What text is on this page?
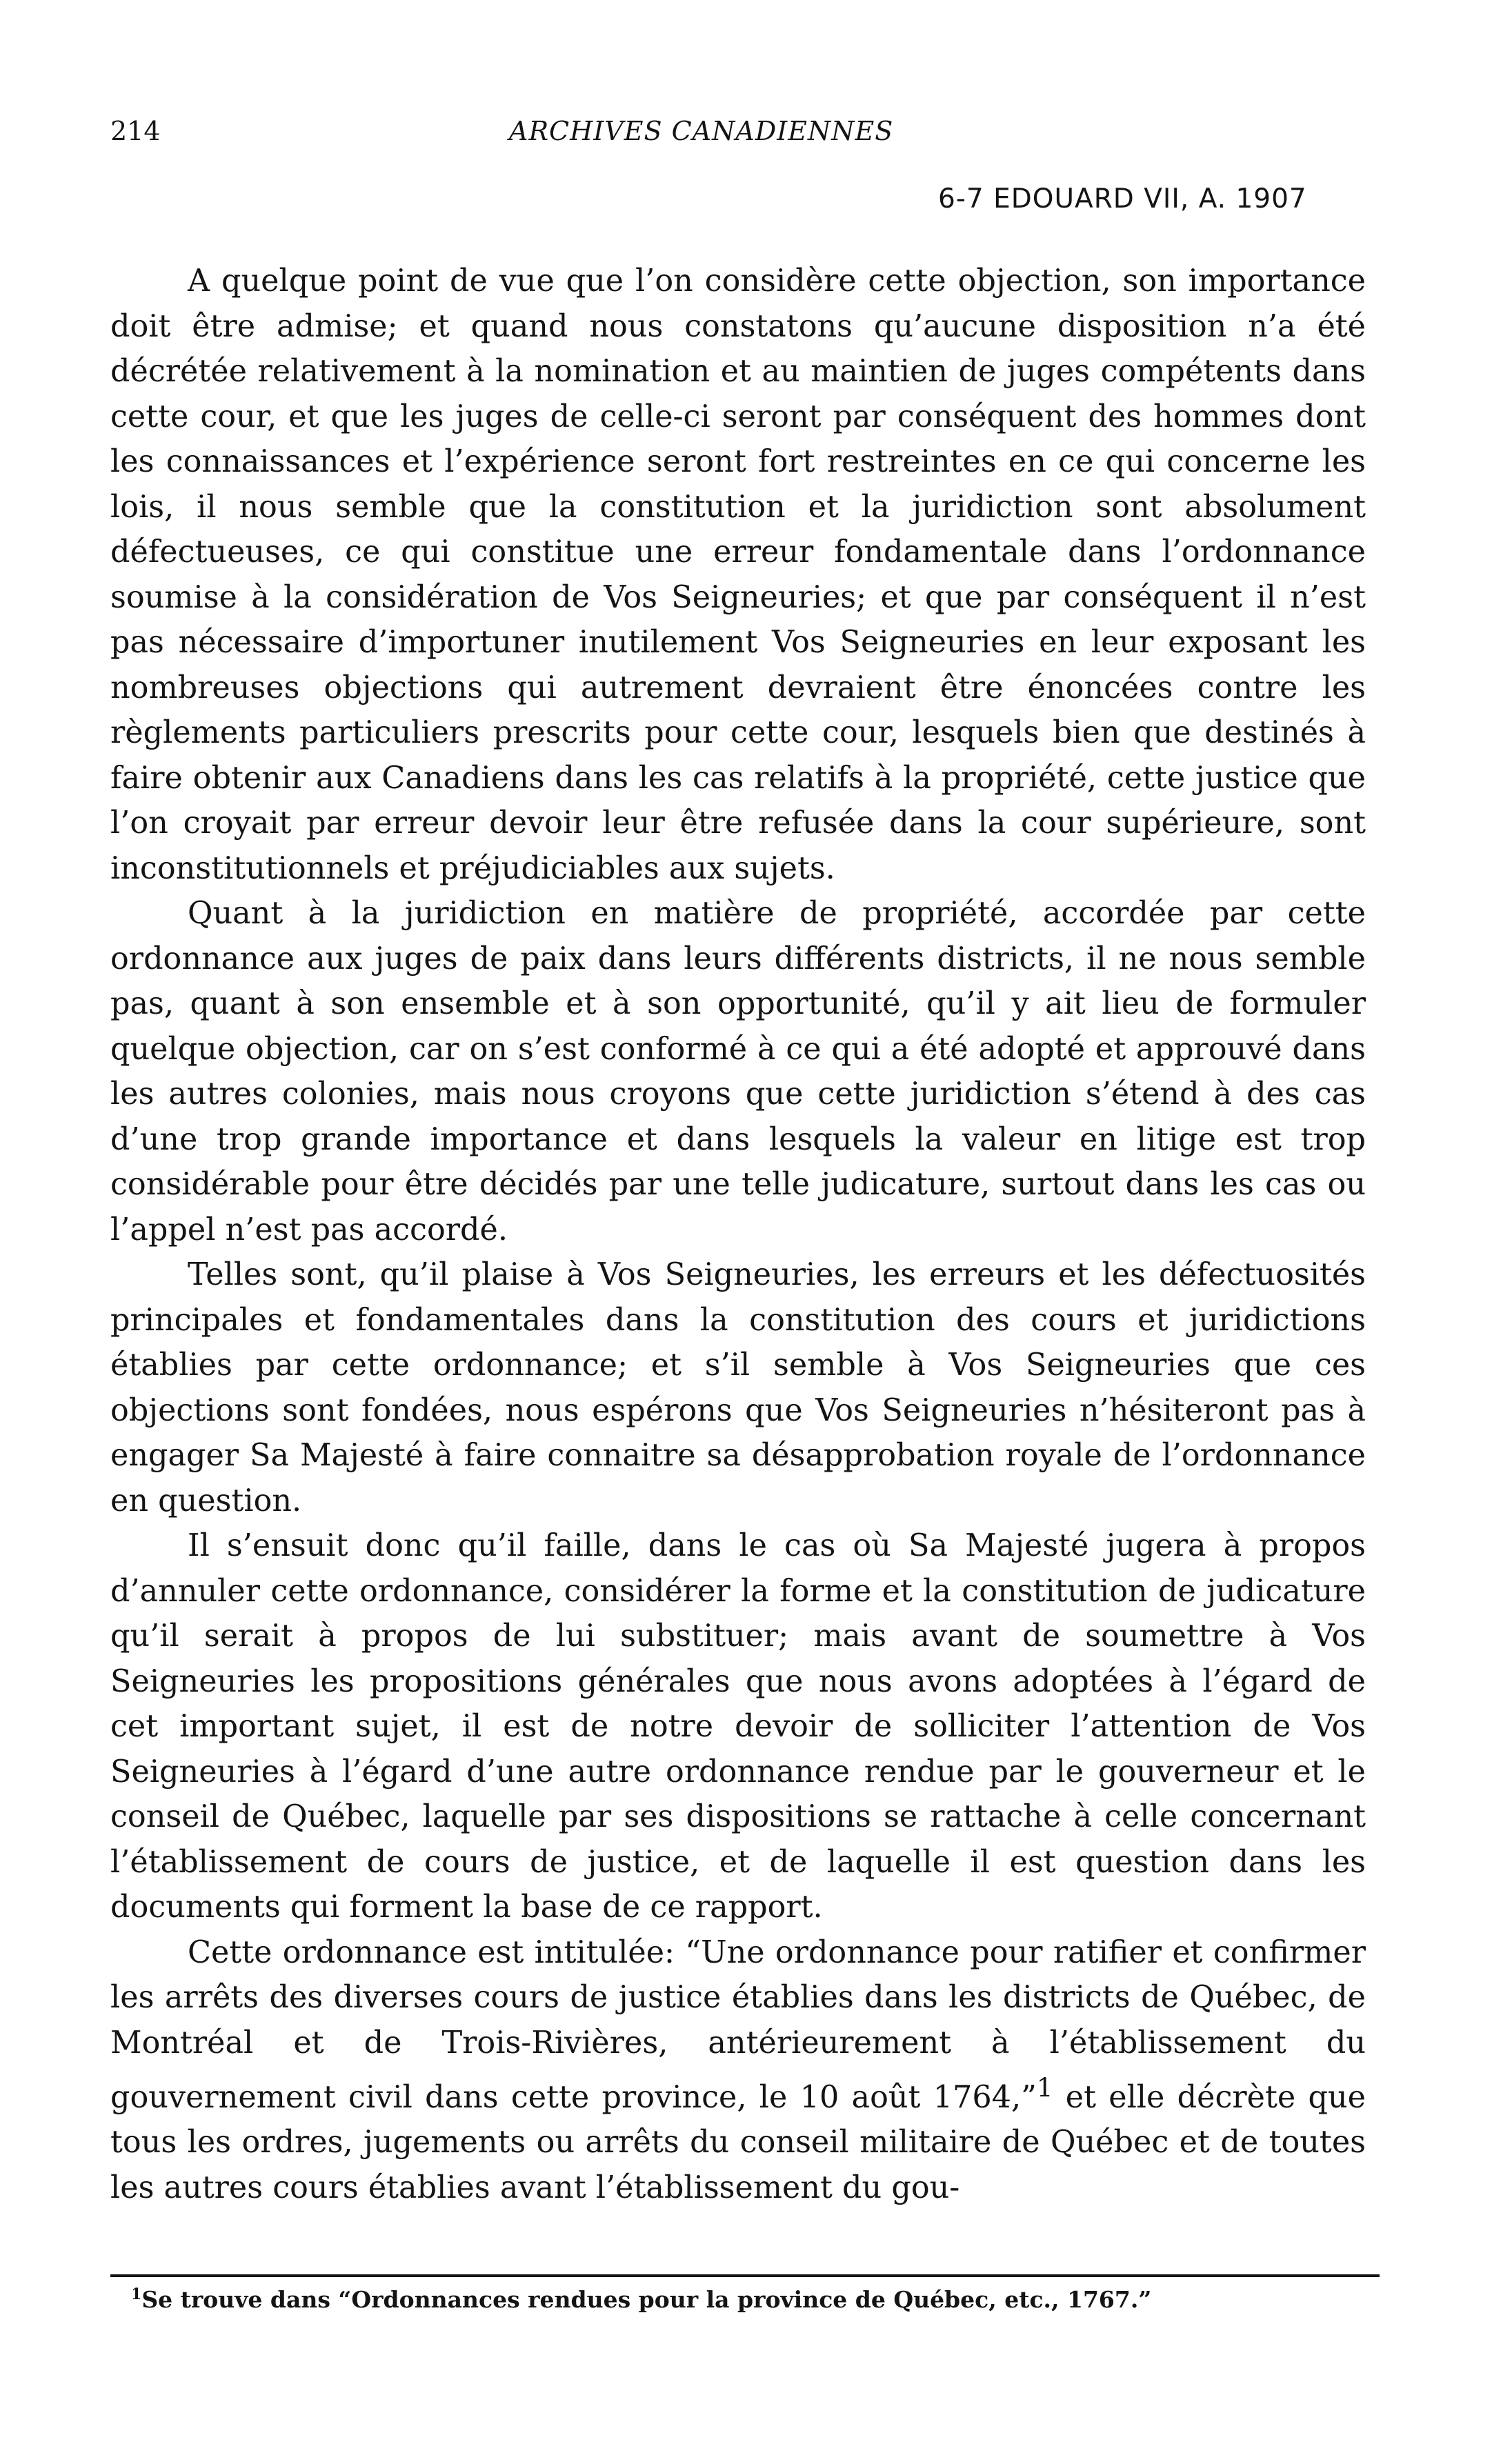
214	ARCHIVES CANADIENNES
6-7 EDOUARD VII, A. 1907

A quelque point de vue que l’on considère cette objection, son importance doit être admise; et quand nous constatons qu’aucune disposition n’a été décrétée relativement à la nomination et au maintien de juges compétents dans cette cour, et que les juges de celle-ci seront par conséquent des hommes dont les connaissances et l’expérience seront fort restreintes en ce qui concerne les lois, il nous semble que la constitution et la juridiction sont absolument défectueuses, ce qui constitue une erreur fondamentale dans l’ordonnance soumise à la considération de Vos Seigneuries; et que par conséquent il n’est pas nécessaire d’importuner inutilement Vos Seigneuries en leur exposant les nombreuses objections qui autrement devraient être énoncées contre les règlements particuliers prescrits pour cette cour, lesquels bien que destinés à faire obtenir aux Canadiens dans les cas relatifs à la propriété, cette justice que l’on croyait par erreur devoir leur être refusée dans la cour supérieure, sont inconstitutionnels et préjudiciables aux sujets.

Quant à la juridiction en matière de propriété, accordée par cette ordonnance aux juges de paix dans leurs différents districts, il ne nous semble pas, quant à son ensemble et à son opportunité, qu’il y ait lieu de formuler quelque objection, car on s’est conformé à ce qui a été adopté et approuvé dans les autres colonies, mais nous croyons que cette juridiction s’étend à des cas d’une trop grande importance et dans lesquels la valeur en litige est trop considérable pour être décidés par une telle judicature, surtout dans les cas ou l’appel n’est pas accordé.

Telles sont, qu’il plaise à Vos Seigneuries, les erreurs et les défectuosités principales et fondamentales dans la constitution des cours et juridictions établies par cette ordonnance; et s’il semble à Vos Seigneuries que ces objections sont fondées, nous espérons que Vos Seigneuries n’hésiteront pas à engager Sa Majesté à faire connaitre sa désapprobation royale de l’ordonnance en question.

Il s’ensuit donc qu’il faille, dans le cas où Sa Majesté jugera à propos d’annuler cette ordonnance, considérer la forme et la constitution de judicature qu’il serait à propos de lui substituer; mais avant de soumettre à Vos Seigneuries les propositions générales que nous avons adoptées à l’égard de cet important sujet, il est de notre devoir de solliciter l’attention de Vos Seigneuries à l’égard d’une autre ordonnance rendue par le gouverneur et le conseil de Québec, laquelle par ses dispositions se rattache à celle concernant l’établissement de cours de justice, et de laquelle il est question dans les documents qui forment la base de ce rapport.

Cette ordonnance est intitulée: “Une ordonnance pour ratifier et confirmer les arrêts des diverses cours de justice établies dans les districts de Québec, de Montréal et de Trois-Rivières, antérieurement à l’établissement du gouvernement civil dans cette province, le 10 août 1764,”$^1$ et elle décrète que tous les ordres, jugements ou arrêts du conseil militaire de Québec et de toutes les autres cours établies avant l’établissement du gou-

$^1$Se trouve dans “Ordonnances rendues pour la province de Québec, etc., 1767.”
